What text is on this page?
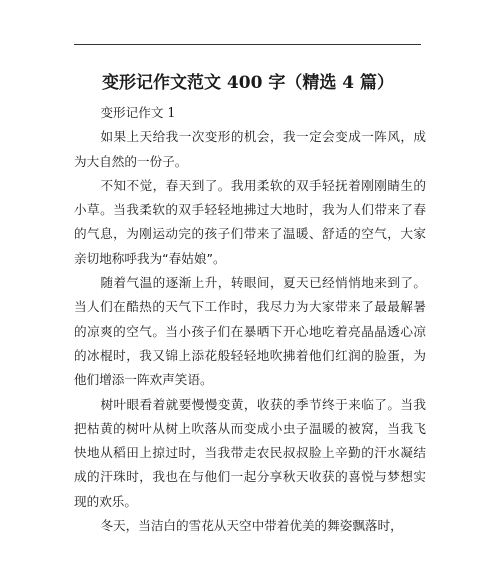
变形记作文范文 400 字（精选 4 篇）

变形记作文 1

如果上天给我一次变形的机会，我一定会变成一阵风，成为大自然的一份子。

不知不觉，春天到了。我用柔软的双手轻抚着刚刚睛生的小草。当我柔软的双手轻轻地拂过大地时，我为人们带来了春的气息，为刚运动完的孩子们带来了温暖、舒适的空气，大家亲切地称呼我为“春姑娘”。

随着气温的逐渐上升，转眼间，夏天已经悄悄地来到了。当人们在酷热的天气下工作时，我尽力为大家带来了最最解暑的凉爽的空气。当小孩子们在暴晒下开心地吃着亮晶晶透心凉的冰棍时，我又锦上添花般轻轻地吹拂着他们红润的脸蛋，为他们增添一阵欢声笑语。

树叶眼看着就要慢慢变黄，收获的季节终于来临了。当我把枯黄的树叶从树上吹落从而变成小虫子温暖的被窝，当我飞快地从稻田上掠过时，当我带走农民叔叔脸上辛勤的汗水凝结成的汗珠时，我也在与他们一起分享秋天收获的喜悦与梦想实现的欢乐。

冬天，当洁白的雪花从天空中带着优美的舞姿飘落时，
